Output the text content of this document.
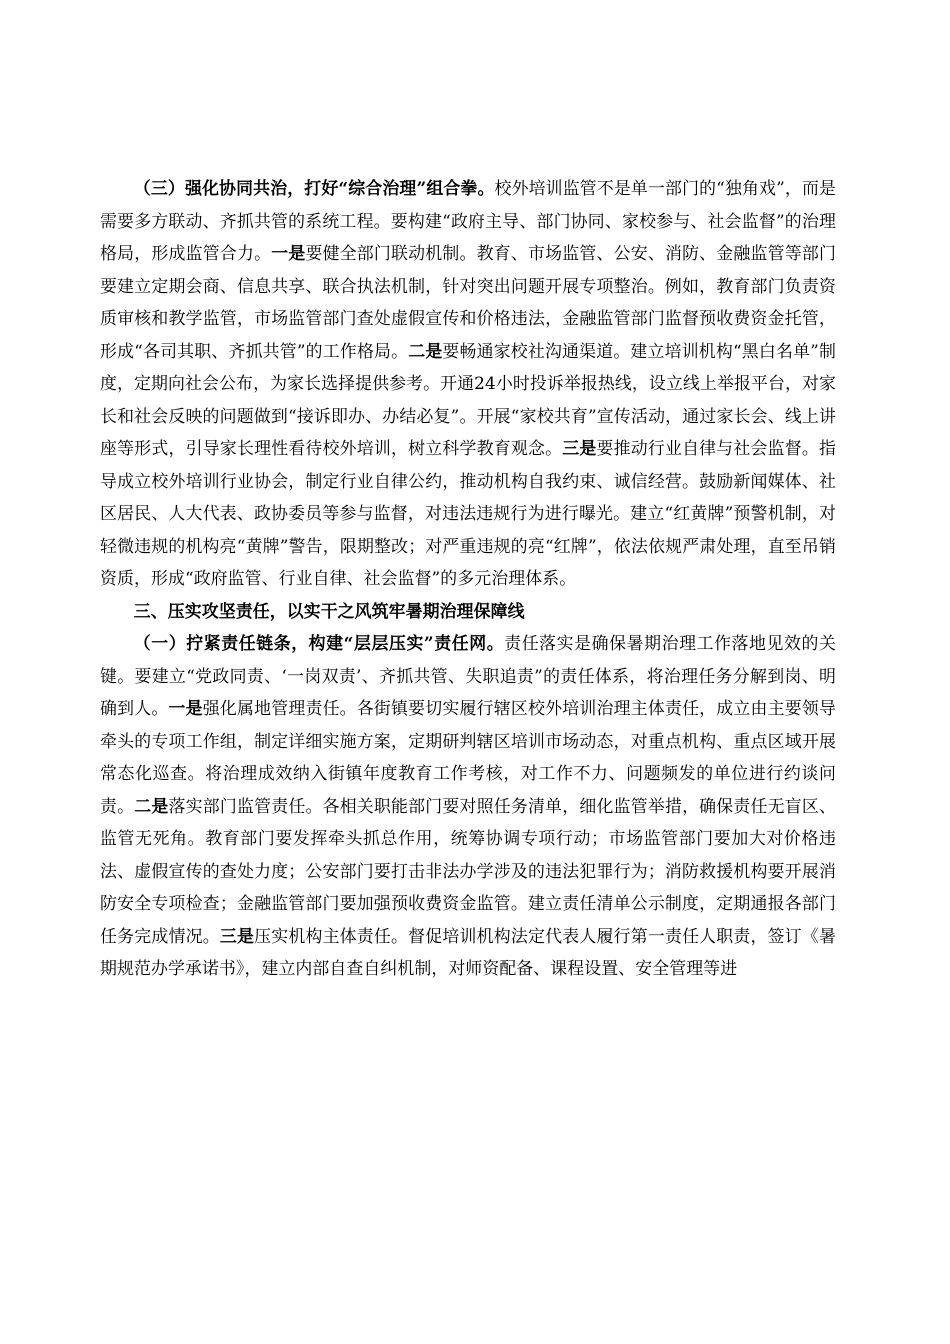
（三）强化协同共治，打好“综合治理”组合拳。校外培训监管不是单一部门的“独角戏”，而是需要多方联动、齐抓共管的系统工程。要构建“政府主导、部门协同、家校参与、社会监督”的治理格局，形成监管合力。一是要健全部门联动机制。教育、市场监管、公安、消防、金融监管等部门要建立定期会商、信息共享、联合执法机制，针对突出问题开展专项整治。例如，教育部门负责资质审核和教学监管，市场监管部门查处虚假宣传和价格违法，金融监管部门监督预收费资金托管，形成“各司其职、齐抓共管”的工作格局。二是要畅通家校社沟通渠道。建立培训机构“黑白名单”制度，定期向社会公布，为家长选择提供参考。开通24小时投诉举报热线，设立线上举报平台，对家长和社会反映的问题做到“接诉即办、办结必复”。开展“家校共育”宣传活动，通过家长会、线上讲座等形式，引导家长理性看待校外培训，树立科学教育观念。三是要推动行业自律与社会监督。指导成立校外培训行业协会，制定行业自律公约，推动机构自我约束、诚信经营。鼓励新闻媒体、社区居民、人大代表、政协委员等参与监督，对违法违规行为进行曝光。建立“红黄牌”预警机制，对轻微违规的机构亮“黄牌”警告，限期整改；对严重违规的亮“红牌”，依法依规严肃处理，直至吊销资质，形成“政府监管、行业自律、社会监督”的多元治理体系。

三、压实攻坚责任，以实干之风筑牢暑期治理保障线

（一）拧紧责任链条，构建“层层压实”责任网。责任落实是确保暑期治理工作落地见效的关键。要建立“党政同责、‘一岗双责’、齐抓共管、失职追责”的责任体系，将治理任务分解到岗、明确到人。一是强化属地管理责任。各街镇要切实履行辖区校外培训治理主体责任，成立由主要领导牵头的专项工作组，制定详细实施方案，定期研判辖区培训市场动态，对重点机构、重点区域开展常态化巡查。将治理成效纳入街镇年度教育工作考核，对工作不力、问题频发的单位进行约谈问责。二是落实部门监管责任。各相关职能部门要对照任务清单，细化监管举措，确保责任无盲区、监管无死角。教育部门要发挥牵头抓总作用，统筹协调专项行动；市场监管部门要加大对价格违法、虚假宣传的查处力度；公安部门要打击非法办学涉及的违法犯罪行为；消防救援机构要开展消防安全专项检查；金融监管部门要加强预收费资金监管。建立责任清单公示制度，定期通报各部门任务完成情况。三是压实机构主体责任。督促培训机构法定代表人履行第一责任人职责，签订《暑期规范办学承诺书》，建立内部自查自纠机制，对师资配备、课程设置、安全管理等进
